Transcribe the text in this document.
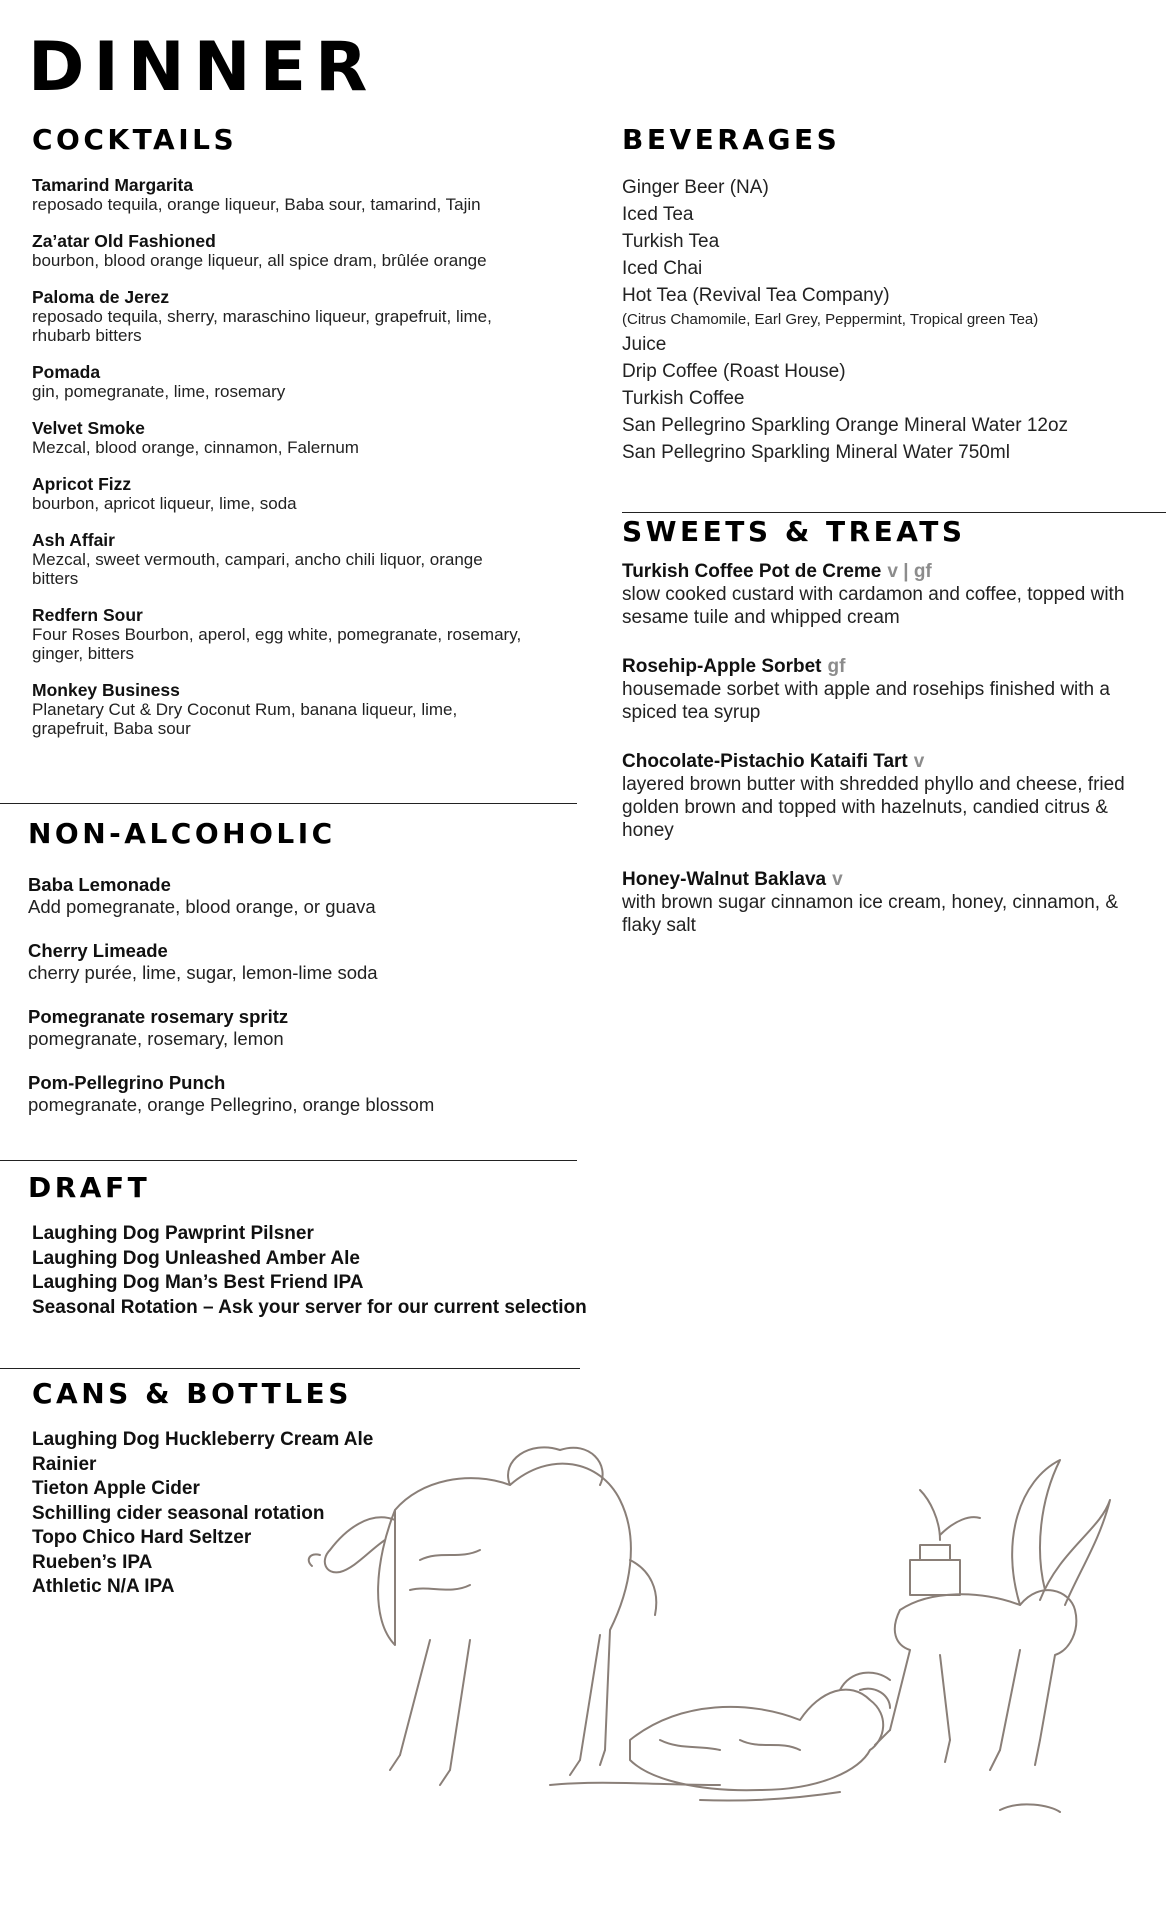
DINNER
COCKTAILS
Tamarind Margarita
reposado tequila, orange liqueur, Baba sour, tamarind, Tajin
Za’atar Old Fashioned
bourbon, blood orange liqueur, all spice dram, brûlée orange
Paloma de Jerez
reposado tequila, sherry, maraschino liqueur, grapefruit, lime, rhubarb bitters
Pomada
gin, pomegranate, lime, rosemary
Velvet Smoke
Mezcal, blood orange, cinnamon, Falernum
Apricot Fizz
bourbon, apricot liqueur, lime, soda
Ash Affair
Mezcal, sweet vermouth, campari, ancho chili liquor, orange bitters
Redfern Sour
Four Roses Bourbon, aperol, egg white, pomegranate, rosemary, ginger, bitters
Monkey Business
Planetary Cut & Dry Coconut Rum, banana liqueur, lime, grapefruit, Baba sour
NON-ALCOHOLIC
Baba Lemonade
Add pomegranate, blood orange, or guava
Cherry Limeade
cherry purée, lime, sugar, lemon-lime soda
Pomegranate rosemary spritz
pomegranate, rosemary, lemon
Pom-Pellegrino Punch
pomegranate, orange Pellegrino, orange blossom
DRAFT
Laughing Dog Pawprint Pilsner
Laughing Dog Unleashed Amber Ale
Laughing Dog Man’s Best Friend IPA
Seasonal Rotation – Ask your server for our current selection
CANS & BOTTLES
Laughing Dog Huckleberry Cream Ale
Rainier
Tieton Apple Cider
Schilling cider seasonal rotation
Topo Chico Hard Seltzer
Rueben’s IPA
Athletic N/A IPA
BEVERAGES
Ginger Beer (NA)
Iced Tea
Turkish Tea
Iced Chai
Hot Tea (Revival Tea Company)
(Citrus Chamomile, Earl Grey, Peppermint, Tropical green Tea)
Juice
Drip Coffee (Roast House)
Turkish Coffee
San Pellegrino Sparkling Orange Mineral Water 12oz
San Pellegrino Sparkling Mineral Water 750ml
SWEETS & TREATS
Turkish Coffee Pot de Creme v | gf
slow cooked custard with cardamon and coffee, topped with sesame tuile and whipped cream
Rosehip-Apple Sorbet gf
housemade sorbet with apple and rosehips finished with a spiced tea syrup
Chocolate-Pistachio Kataifi Tart v
layered brown butter with shredded phyllo and cheese, fried golden brown and topped with hazelnuts, candied citrus & honey
Honey-Walnut Baklava v
with brown sugar cinnamon ice cream, honey, cinnamon, & flaky salt
